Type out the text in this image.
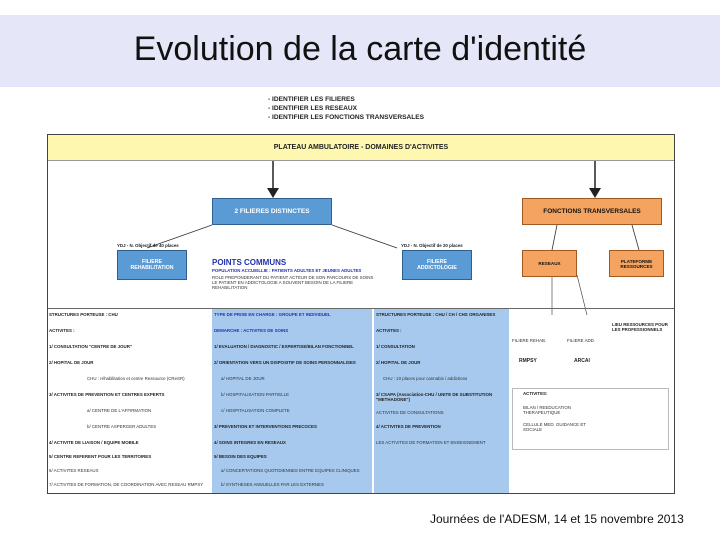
Evolution de la carte d'identité
- IDENTIFIER LES FILIERES
- IDENTIFIER LES RESEAUX
- IDENTIFIER LES FONCTIONS TRANSVERSALES
PLATEAU AMBULATOIRE - DOMAINES D'ACTIVITES
2 FILIERES DISTINCTES	FONCTIONS TRANSVERSALES
YDJ - N. Objectif de 40 places	YDJ - N. Objectif de 20 places
FILIERE REHABILITATION
FILIERE ADDICTOLOGIE
RESEAUX	PLATEFORME RESSOURCES
POINTS COMMUNS
POPULATION ACCUEILLIE : PATIENTS ADULTES ET JEUNES ADULTES
ROLE PREPONDERANT DU PATIENT ACTEUR DE SON PARCOURS DE SOINS
LE PATIENT EN ADDICTOLOGIE A SOUVENT BESOIN DE LA FILIERE
REHABILITATION
STRUCTURES PORTEUSE : CHU
ACTIVITES :
1/ CONSULTATION "CENTRE DE JOUR"
2/ HOPITAL DE JOUR
CHU : réhabilitation et centre Ressource (CReSR)
3/ ACTIVITES DE PREVENTION ET CENTRES EXPERTS
a/ CENTRE DE L'AFFIRMATION
b/ CENTRE ASPERGER ADULTES
4/ ACTIVITE DE LIAISON / EQUIPE MOBILE
5/ CENTRE REFERENT POUR LES TERRITOIRES
6/ ACTIVITES RESEAUX
7/ ACTIVITES DE FORMATION, DE COORDINATION AVEC RESEAU RMPSY
TYPE DE PRISE EN CHARGE : GROUPE ET INDIVIDUEL
DEMARCHE : ACTIVITES DE SOINS
1/ EVALUATION / DIAGNOSTIC / EXPERTISE/BILAN FONCTIONNEL
2/ ORIENTATION VERS UN DISPOSITIF DE SOINS PERSONNALISES
a/ HOPITAL DE JOUR
b/ HOSPITALISATION PARTIELLE
c/ HOSPITALISATION COMPLETE
3/ PREVENTION ET INTERVENTIONS PRECOCES
4/ SOINS INTEGRES EN RESEAUX
5/ BESOIN DES EQUIPES
a/ CONCERTATIONS QUOTIDIENNES ENTRE EQUIPES CLINIQUES
b/ SYNTHESES ANNUELLES PAR LES EXTERNES
STRUCTURES PORTEUSE : CHU / CH / CHS ORGANISES
ACTIVITES :
1/ CONSULTATION
2/ HOPITAL DE JOUR
CHU : 10 places pour cannabis / addictions
3/ CSAPA (Association-CHU / UNITE DE SUBSTITUTION "METHADONE")
ACTIVITES DE CONSULTATIONS
4/ ACTIVITES DE PREVENTION
LES ACTIVITES DE FORMATION ET ENSEIGNEMENT
FILIERE REHAB.	FILIERE ADD.
LIEU RESSOURCES POUR LES PROFESSIONNELS
RMPSY	ARCAI
ACTIVITES:
BILAN / REEDUCATION THERAPEUTIQUE
CELLULE MED. GUIDANCE ET SOCIALE
Journées de l'ADESM, 14 et 15 novembre 2013
